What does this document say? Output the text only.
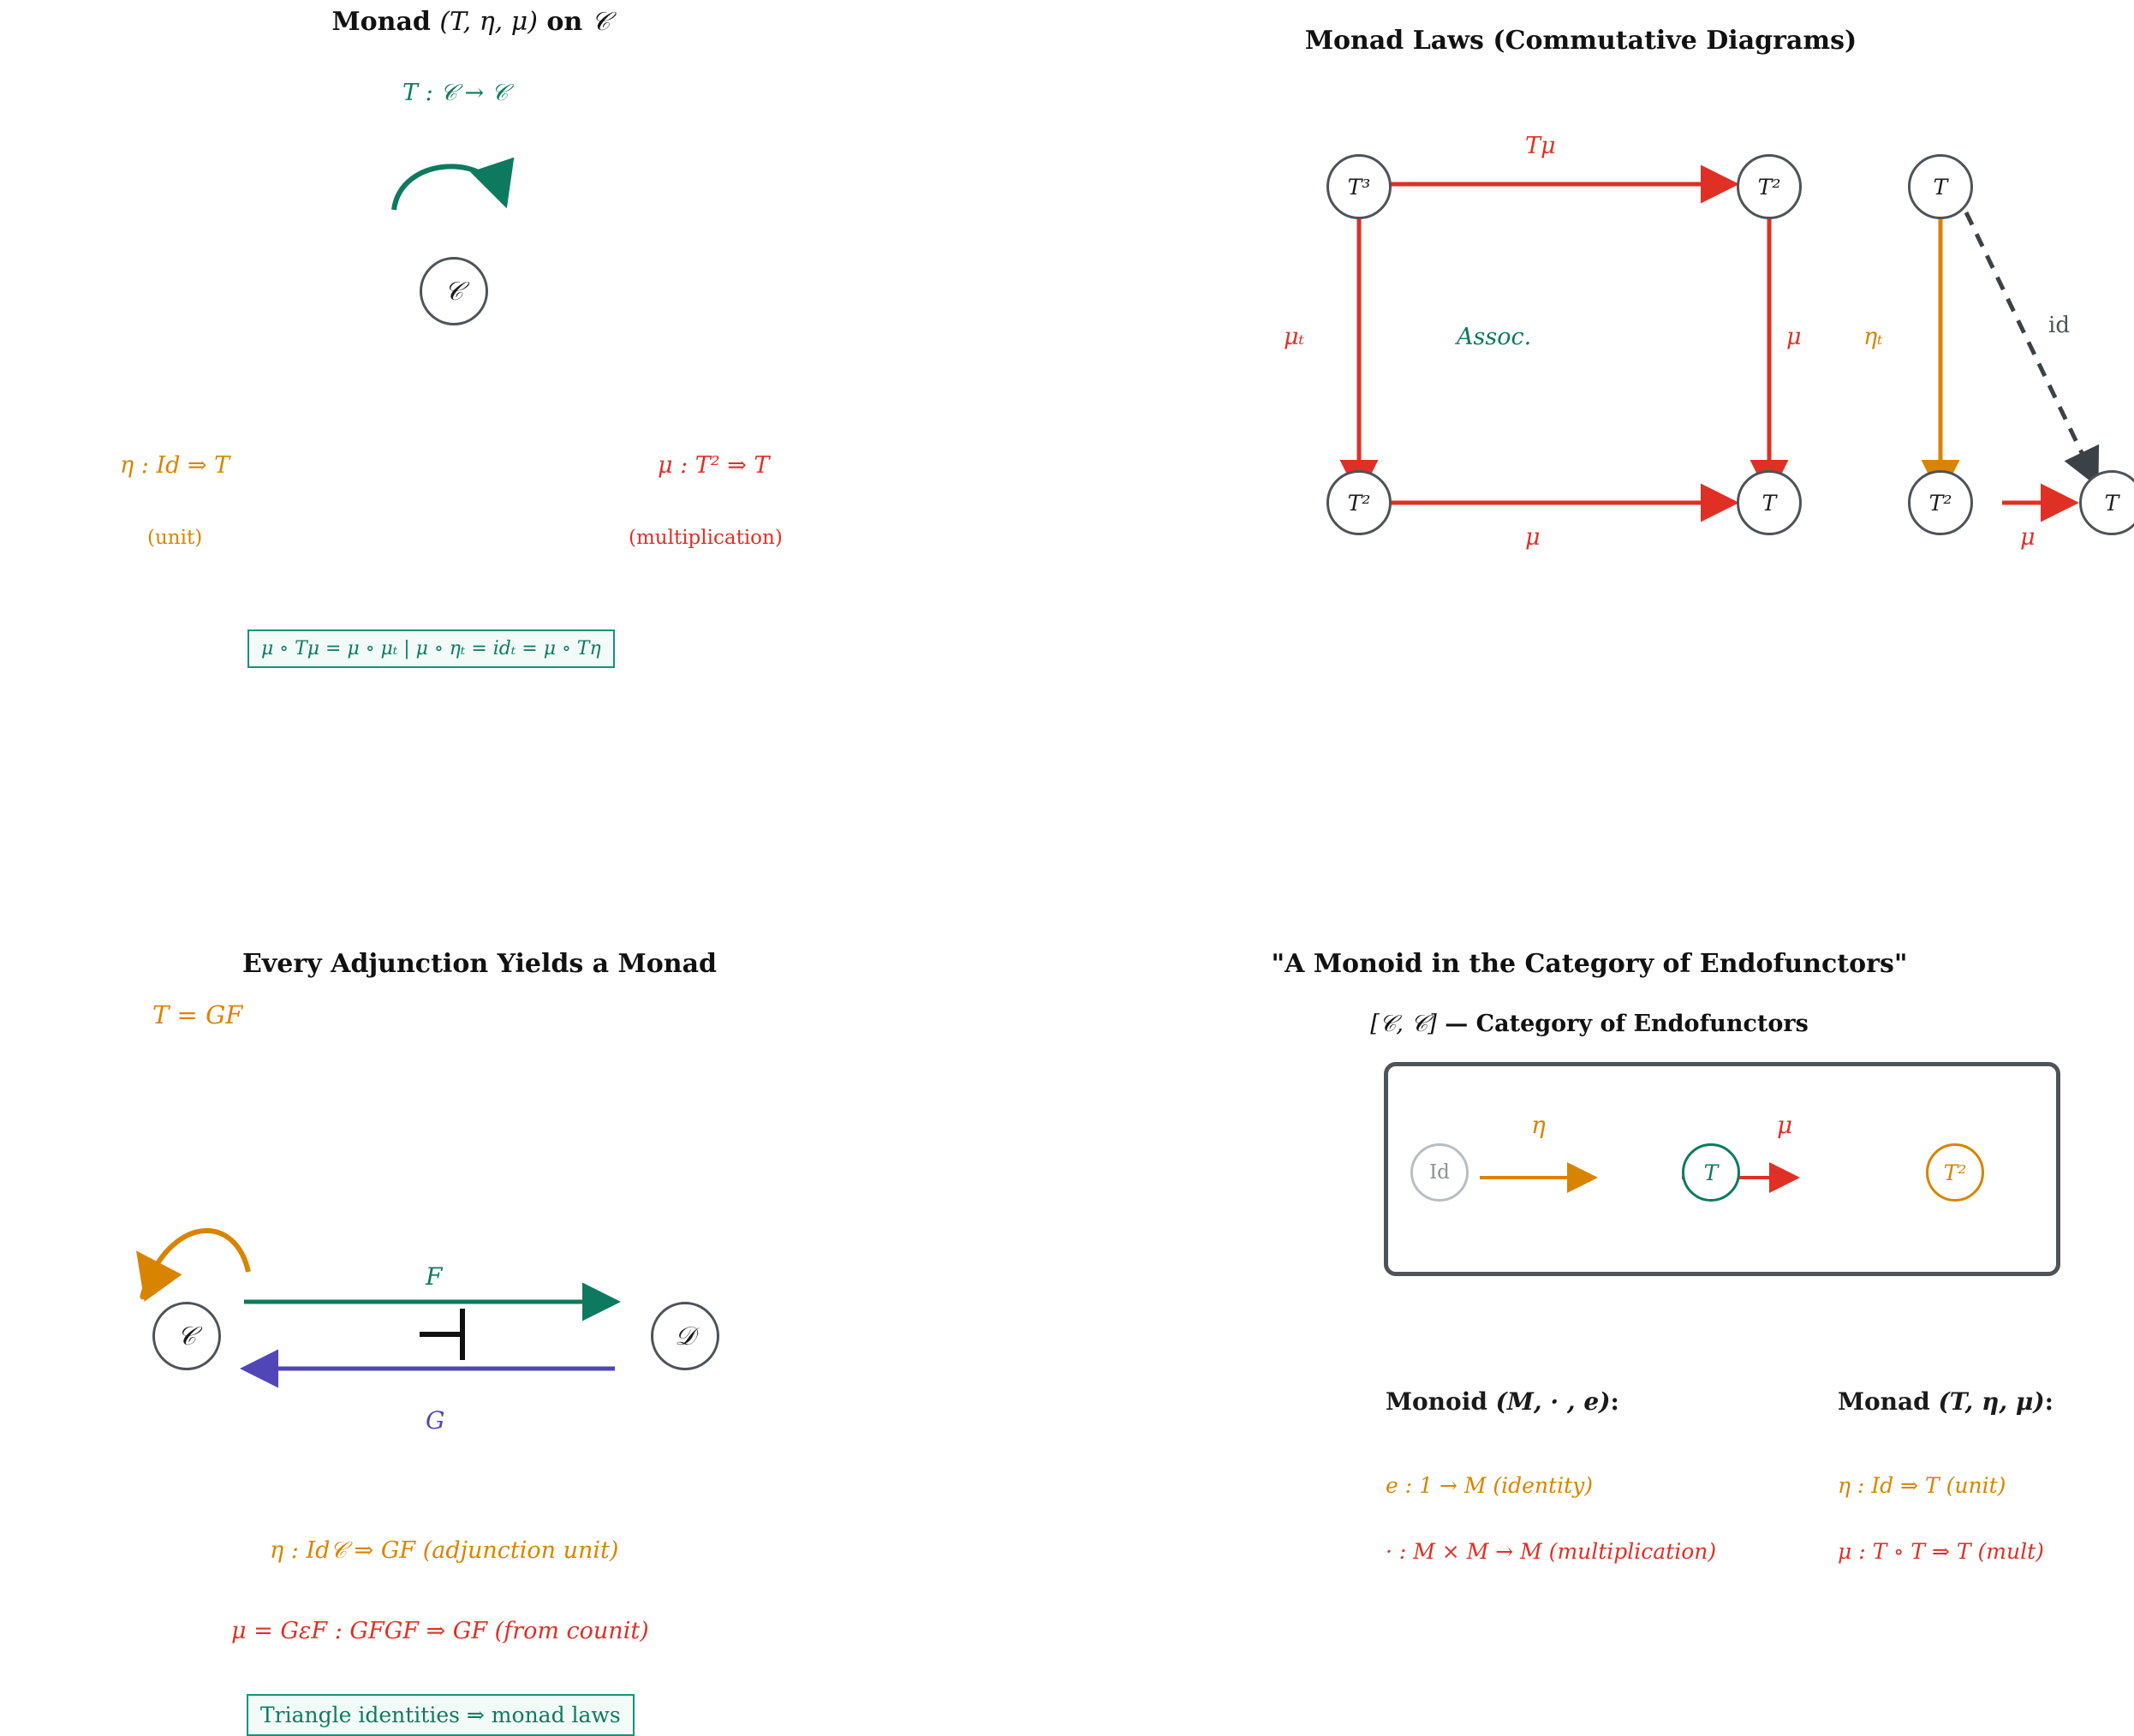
Monad (T, η, μ) on 𝒞
T : 𝒞 → 𝒞
𝒞
η : Id ⇒ T
(unit)
μ : T² ⇒ T
(multiplication)
μ ∘ Tμ = μ ∘ μₜ | μ ∘ ηₜ = idₜ = μ ∘ Tη
Monad Laws (Commutative Diagrams)
T³	T²
T²	T
Tμ
μₜ	μ
μ
Assoc.
T
T²	T
ηₜ	id
μ
Every Adjunction Yields a Monad
T = GF
𝒞	𝒟
F
G
η : Id𝒞 ⇒ GF (adjunction unit)
μ = GεF : GFGF ⇒ GF (from counit)
Triangle identities ⇒ monad laws
"A Monoid in the Category of Endofunctors"
[𝒞, 𝒞] — Category of Endofunctors
Id	T	T²
η	μ
Monoid (M, · , e):
e : 1 → M (identity)
· : M × M → M (multiplication)
Monad (T, η, μ):
η : Id ⇒ T (unit)
μ : T ∘ T ⇒ T (mult)
